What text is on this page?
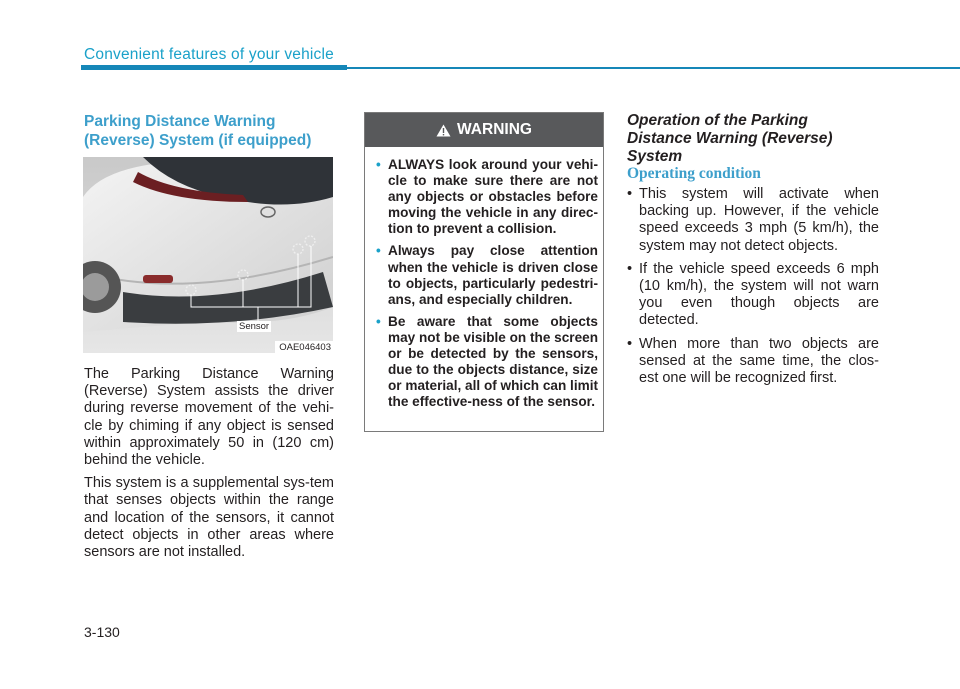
Convenient features of your vehicle
Parking Distance Warning
(Reverse) System (if equipped)
Sensor
OAE046403

The Parking Distance Warning (Reverse) System assists the driver during reverse movement of the vehi-cle by chiming if any object is sensed within approximately 50 in (120 cm) behind the vehicle.

This system is a supplemental sys-tem that senses objects within the range and location of the sensors, it cannot detect objects in other areas where sensors are not installed.

WARNING
• ALWAYS look around your vehi-cle to make sure there are not any objects or obstacles before moving the vehicle in any direc-tion to prevent a collision.
• Always pay close attention when the vehicle is driven close to objects, particularly pedestri-ans, and especially children.
• Be aware that some objects may not be visible on the screen or be detected by the sensors, due to the objects distance, size or material, all of which can limit the effective-ness of the sensor.
Operation of the Parking
Distance Warning (Reverse)
System
Operating condition
• This system will activate when backing up. However, if the vehicle speed exceeds 3 mph (5 km/h), the system may not detect objects.
• If the vehicle speed exceeds 6 mph (10 km/h), the system will not warn you even though objects are detected.
• When more than two objects are sensed at the same time, the clos-est one will be recognized first.
3-130
